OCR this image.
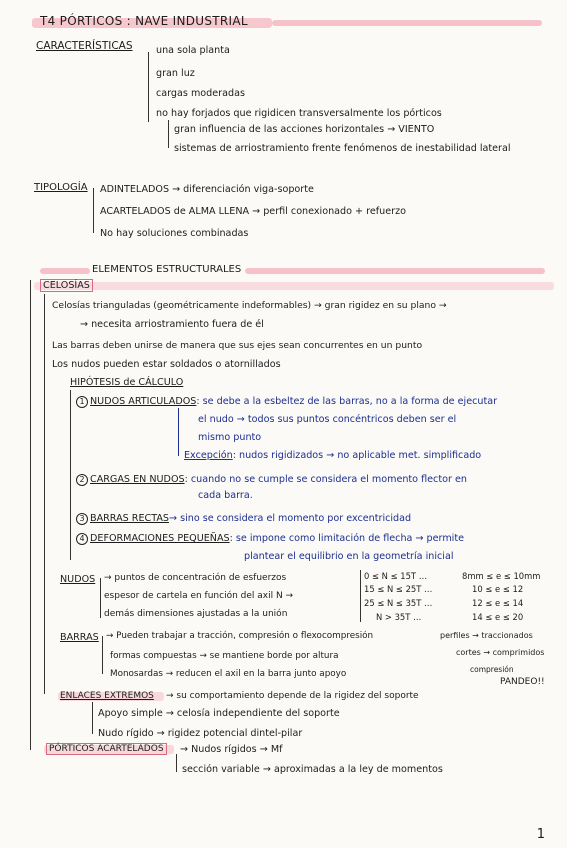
T4 PÓRTICOS : NAVE INDUSTRIAL
CARACTERÍSTICAS una sola planta
gran luz
cargas moderadas
no hay forjados que rigidicen transversalmente los pórticos
gran influencia de las acciones horizontales → VIENTO
sistemas de arriostramiento frente fenómenos de inestabilidad lateral
TIPOLOGÍA ADINTELADOS → diferenciación viga-soporte
ACARTELADOS de ALMA LLENA → perfil conexionado + refuerzo
No hay soluciones combinadas
ELEMENTOS ESTRUCTURALES
CELOSÍAS
Celosías trianguladas (geométricamente indeformables) → gran rigidez en su plano →
→ necesita arriostramiento fuera de él
Las barras deben unirse de manera que sus ejes sean concurrentes en un punto
Los nudos pueden estar soldados o atornillados
HIPÓTESIS de CÁLCULO
1 NUDOS ARTICULADOS: se debe a la esbeltez de las barras, no a la forma de ejecutar
el nudo → todos sus puntos concéntricos deben ser el
mismo punto
Excepción: nudos rigidizados → no aplicable met. simplificado
2 CARGAS EN NUDOS: cuando no se cumple se considera el momento flector en
cada barra.
3 BARRAS RECTAS→ sino se considera el momento por excentricidad
4 DEFORMACIONES PEQUEÑAS: se impone como limitación de flecha → permite
plantear el equilibrio en la geometría inicial
NUDOS → puntos de concentración de esfuerzos
espesor de cartela en función del axil N →
demás dimensiones ajustadas a la unión
0 ≤ N ≤ 15T …	8mm ≤ e ≤ 10mm
15 ≤ N ≤ 25T …	10 ≤ e ≤ 12
25 ≤ N ≤ 35T …	12 ≤ e ≤ 14
N > 35T …	14 ≤ e ≤ 20
BARRAS → Pueden trabajar a tracción, compresión o flexocompresión
formas compuestas → se mantiene borde por altura
Monosardas → reducen el axil en la barra junto apoyo
perfiles → traccionados
cortes → comprimidos
compresión
PANDEO!!
ENLACES EXTREMOS → su comportamiento depende de la rigidez del soporte
Apoyo simple → celosía independiente del soporte
Nudo rígido → rigidez potencial dintel-pilar
PÓRTICOS ACARTELADOS	→ Nudos rígidos → Mf
sección variable → aproximadas a la ley de momentos
1
